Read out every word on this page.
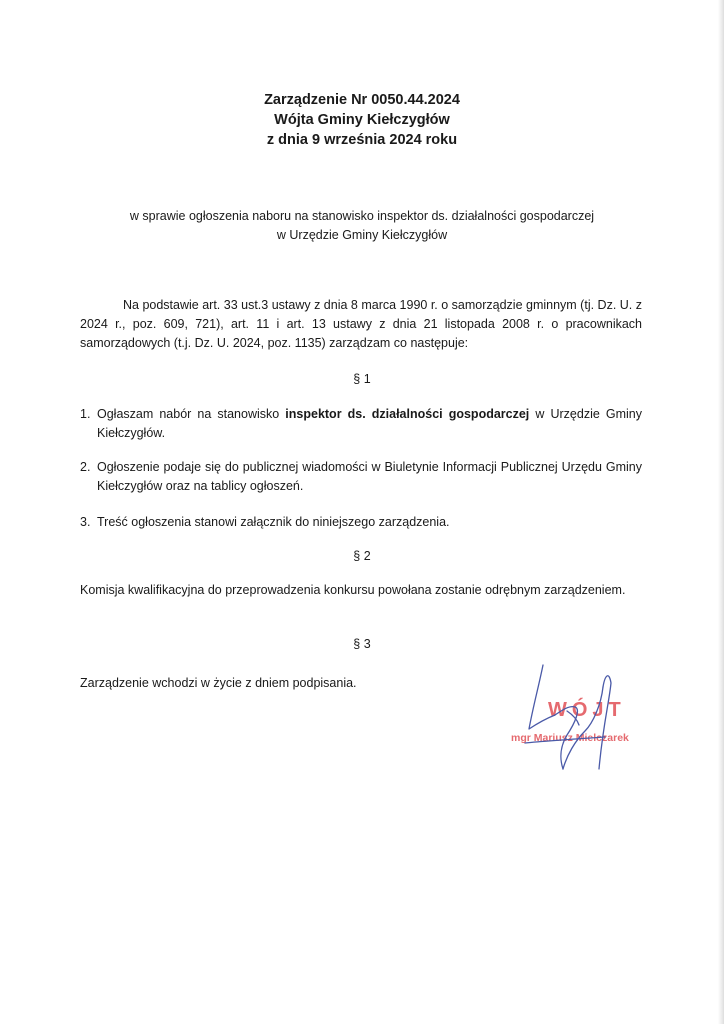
Zarządzenie Nr 0050.44.2024
Wójta Gminy Kiełczygłów
z dnia 9 września 2024 roku
w sprawie ogłoszenia naboru na stanowisko inspektor ds. działalności gospodarczej
w Urzędzie Gminy Kiełczygłów
Na podstawie art. 33 ust.3 ustawy z dnia 8 marca 1990 r. o samorządzie gminnym (tj. Dz. U. z 2024 r., poz. 609, 721), art. 11 i art. 13 ustawy z dnia 21 listopada 2008 r. o pracownikach samorządowych (t.j. Dz. U. 2024, poz. 1135) zarządzam co następuje:
§ 1
1. Ogłaszam nabór na stanowisko inspektor ds. działalności gospodarczej w Urzędzie Gminy Kiełczygłów.
2. Ogłoszenie podaje się do publicznej wiadomości w Biuletynie Informacji Publicznej Urzędu Gminy Kiełczygłów oraz na tablicy ogłoszeń.
3. Treść ogłoszenia stanowi załącznik do niniejszego zarządzenia.
§ 2
Komisja kwalifikacyjna do przeprowadzenia konkursu powołana zostanie odrębnym zarządzeniem.
§ 3
Zarządzenie wchodzi w życie z dniem podpisania.
WÓJT
mgr Mariusz Mielczarek
